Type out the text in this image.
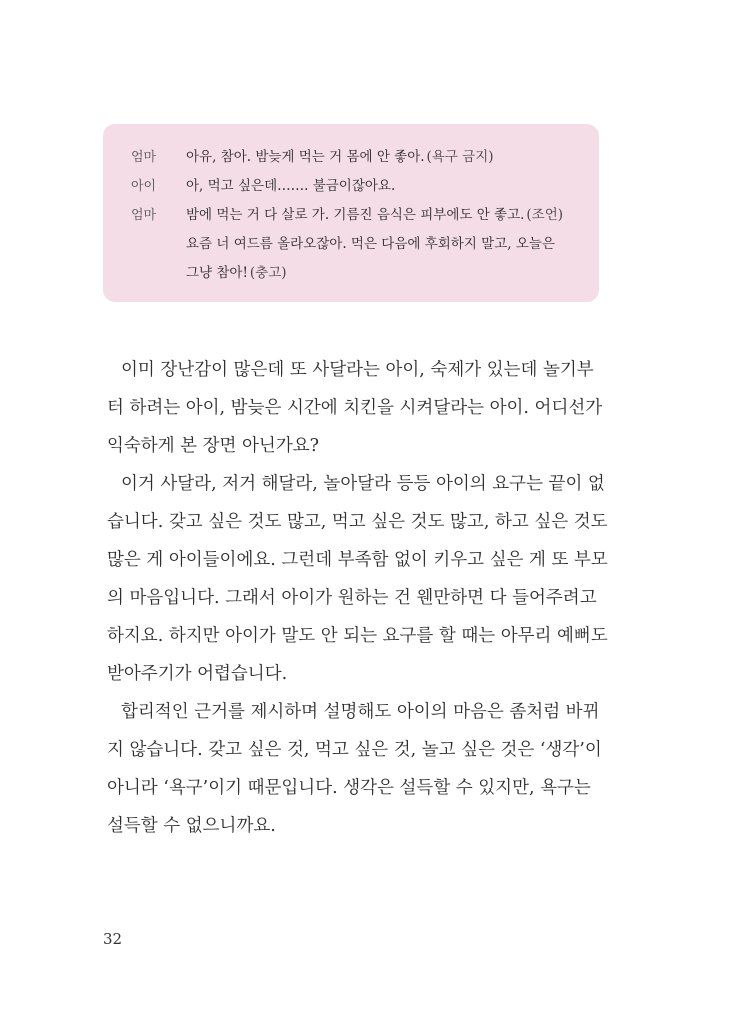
엄마	아유, 참아. 밤늦게 먹는 거 몸에 안 좋아. (욕구 금지)
아이	아, 먹고 싶은데……. 불금이잖아요.
엄마	밤에 먹는 거 다 살로 가. 기름진 음식은 피부에도 안 좋고. (조언)
요즘 너 여드름 올라오잖아. 먹은 다음에 후회하지 말고, 오늘은
그냥 참아! (충고)
이미 장난감이 많은데 또 사달라는 아이, 숙제가 있는데 놀기부
터 하려는 아이, 밤늦은 시간에 치킨을 시켜달라는 아이. 어디선가
익숙하게 본 장면 아닌가요?
이거 사달라, 저거 해달라, 놀아달라 등등 아이의 요구는 끝이 없
습니다. 갖고 싶은 것도 많고, 먹고 싶은 것도 많고, 하고 싶은 것도
많은 게 아이들이에요. 그런데 부족함 없이 키우고 싶은 게 또 부모
의 마음입니다. 그래서 아이가 원하는 건 웬만하면 다 들어주려고
하지요. 하지만 아이가 말도 안 되는 요구를 할 때는 아무리 예뻐도
받아주기가 어렵습니다.
합리적인 근거를 제시하며 설명해도 아이의 마음은 좀처럼 바뀌
지 않습니다. 갖고 싶은 것, 먹고 싶은 것, 놀고 싶은 것은 ‘생각’이
아니라 ‘욕구’이기 때문입니다. 생각은 설득할 수 있지만, 욕구는
설득할 수 없으니까요.
32
